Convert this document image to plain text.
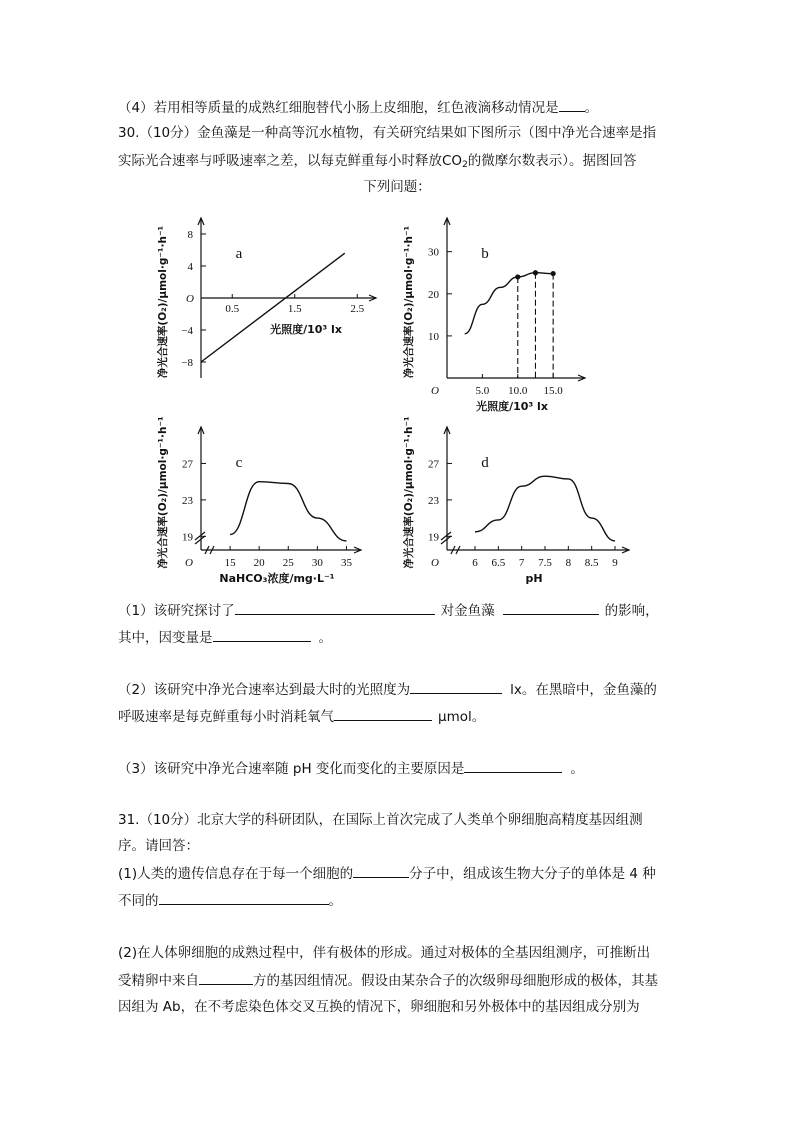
（4）若用相等质量的成熟红细胞替代小肠上皮细胞，红色液滴移动情况是 。
30.（10分）金鱼藻是一种高等沉水植物，有关研究结果如下图所示（图中净光合速率是指
实际光合速率与呼吸速率之差，以每克鲜重每小时释放$CO_2$的微摩尔数表示）。据图回答
下列问题：
O
8
4
−4
−8
0.5	1.5	2.5
a
光照度/10³ lx
净光合速率(O₂)/μmol·g⁻¹·h⁻¹
O
10
20
30
5.0 10.0 15.0
b
光照度/10³ lx
净光合速率(O₂)/μmol·g⁻¹·h⁻¹
O
19
23
27
15 20 25 30 35
c
NaHCO₃浓度/mg·L⁻¹
净光合速率(O₂)/μmol·g⁻¹·h⁻¹	O
19
23
27
6 6.5 7 7.5 8 8.5 9
d
pH
净光合速率(O₂)/μmol·g⁻¹·h⁻¹
（1）该研究探讨了	对金鱼藻	的影响，
其中，因变量是	。
（2）该研究中净光合速率达到最大时的光照度为	lx。在黑暗中，金鱼藻的
呼吸速率是每克鲜重每小时消耗氧气	μmol。
（3）该研究中净光合速率随 pH 变化而变化的主要原因是	。
31.（10分）北京大学的科研团队，在国际上首次完成了人类单个卵细胞高精度基因组测
序。请回答：
(1)人类的遗传信息存在于每一个细胞的	分子中，组成该生物大分子的单体是 4 种
不同的	。
(2)在人体卵细胞的成熟过程中，伴有极体的形成。通过对极体的全基因组测序，可推断出
受精卵中来自	方的基因组情况。假设由某杂合子的次级卵母细胞形成的极体，其基
因组为 Ab，在不考虑染色体交叉互换的情况下，卵细胞和另外极体中的基因组成分别为
